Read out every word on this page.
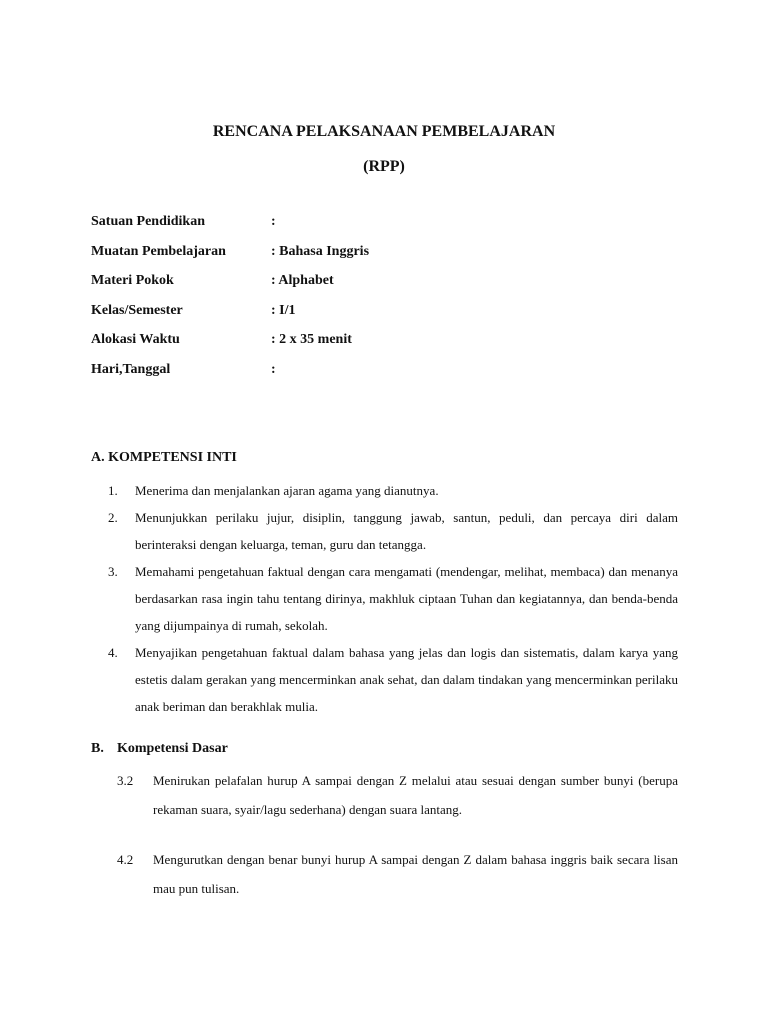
RENCANA PELAKSANAAN PEMBELAJARAN
(RPP)
Satuan Pendidikan	:
Muatan Pembelajaran	: Bahasa Inggris
Materi Pokok	: Alphabet
Kelas/Semester	: I/1
Alokasi Waktu	: 2 x 35 menit
Hari,Tanggal	:
A. KOMPETENSI INTI
1.	Menerima dan menjalankan ajaran agama yang dianutnya.
2.	Menunjukkan perilaku jujur, disiplin, tanggung jawab, santun, peduli, dan percaya diri dalam berinteraksi dengan keluarga, teman, guru dan tetangga.
3.	Memahami pengetahuan faktual dengan cara mengamati (mendengar, melihat, membaca) dan menanya berdasarkan rasa ingin tahu tentang dirinya, makhluk ciptaan Tuhan dan kegiatannya, dan benda-benda yang dijumpainya di rumah, sekolah.
4.	Menyajikan pengetahuan faktual dalam bahasa yang jelas dan logis dan sistematis, dalam karya yang estetis dalam gerakan yang mencerminkan anak sehat, dan dalam tindakan yang mencerminkan perilaku anak beriman dan berakhlak mulia.
B. Kompetensi Dasar
3.2	Menirukan pelafalan hurup A sampai dengan Z melalui atau sesuai dengan sumber bunyi (berupa rekaman suara, syair/lagu sederhana) dengan suara lantang.
4.2	Mengurutkan dengan benar bunyi hurup A sampai dengan Z dalam bahasa inggris baik secara lisan mau pun tulisan.
